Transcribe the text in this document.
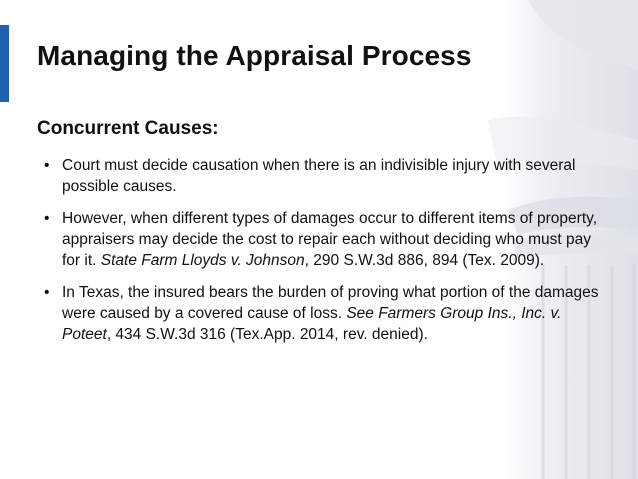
Managing the Appraisal Process
Concurrent Causes:
• Court must decide causation when there is an indivisible injury with several possible causes.
• However, when different types of damages occur to different items of property, appraisers may decide the cost to repair each without deciding who must pay for it. State Farm Lloyds v. Johnson, 290 S.W.3d 886, 894 (Tex. 2009).
• In Texas, the insured bears the burden of proving what portion of the damages were caused by a covered cause of loss. See Farmers Group Ins., Inc. v. Poteet, 434 S.W.3d 316 (Tex.App. 2014, rev. denied).
